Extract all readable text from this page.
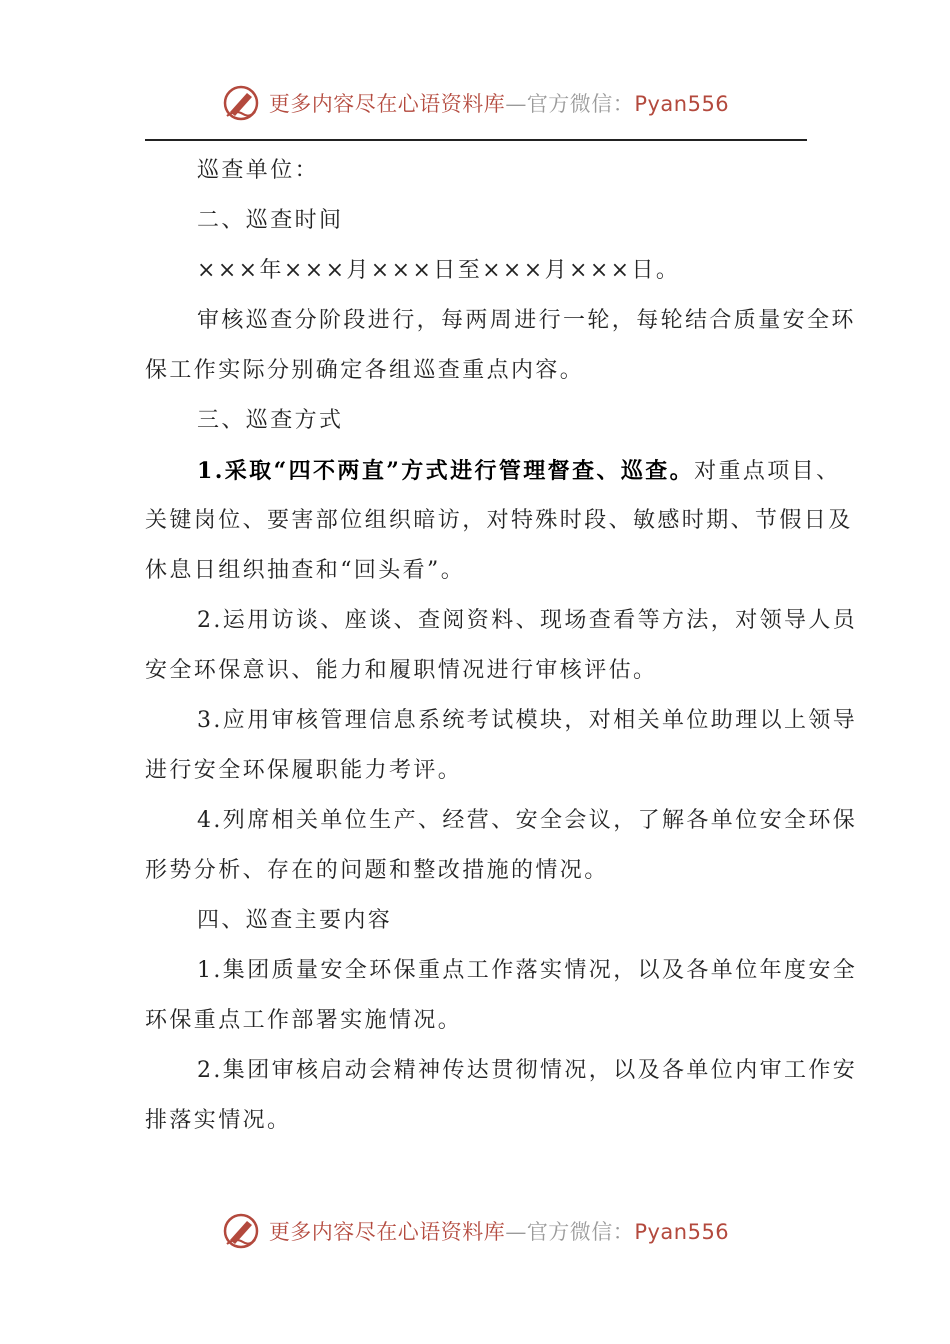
更多内容尽在心语资料库—官方微信：Pyan556
巡查单位：
二、巡查时间
×××年×××月×××日至×××月×××日。
审核巡查分阶段进行，每两周进行一轮，每轮结合质量安全环
保工作实际分别确定各组巡查重点内容。
三、巡查方式
1.采取“四不两直”方式进行管理督查、巡查。对重点项目、
关键岗位、要害部位组织暗访，对特殊时段、敏感时期、节假日及
休息日组织抽查和“回头看”。
2.运用访谈、座谈、查阅资料、现场查看等方法，对领导人员
安全环保意识、能力和履职情况进行审核评估。
3.应用审核管理信息系统考试模块，对相关单位助理以上领导
进行安全环保履职能力考评。
4.列席相关单位生产、经营、安全会议，了解各单位安全环保
形势分析、存在的问题和整改措施的情况。
四、巡查主要内容
1.集团质量安全环保重点工作落实情况，以及各单位年度安全
环保重点工作部署实施情况。
2.集团审核启动会精神传达贯彻情况，以及各单位内审工作安
排落实情况。
更多内容尽在心语资料库—官方微信：Pyan556
